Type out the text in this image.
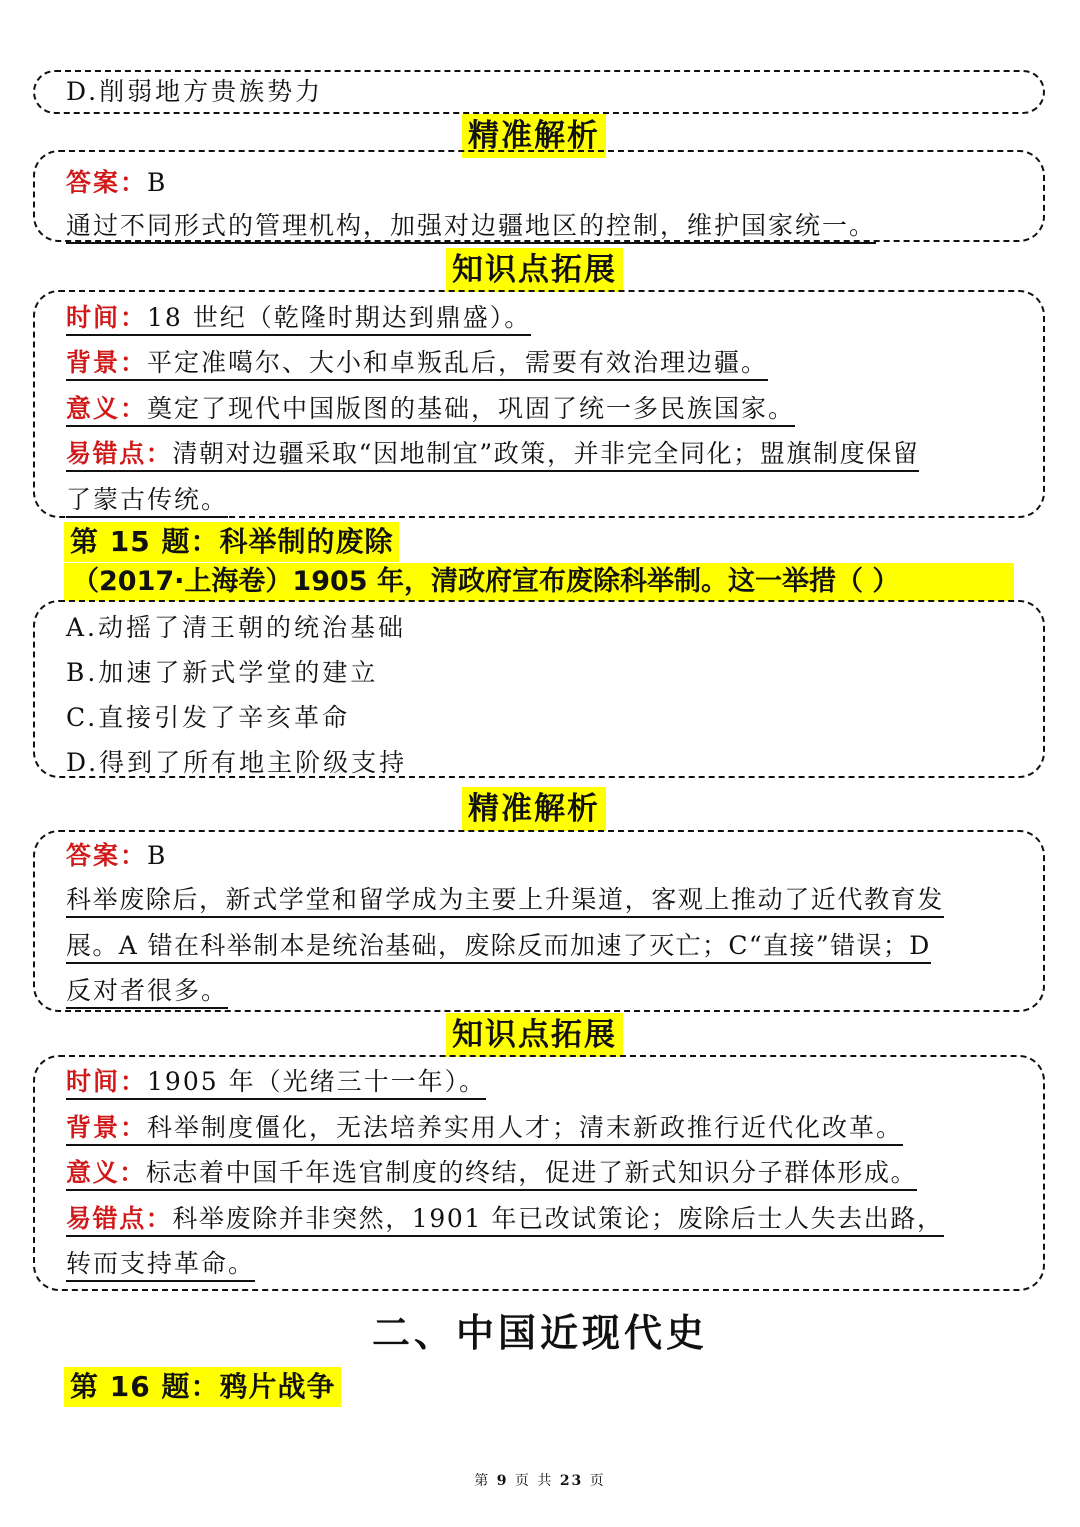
D.削弱地方贵族势力
精准解析
答案：B
通过不同形式的管理机构，加强对边疆地区的控制，维护国家统一。
知识点拓展
时间：18 世纪（乾隆时期达到鼎盛）。
背景：平定准噶尔、大小和卓叛乱后，需要有效治理边疆。
意义：奠定了现代中国版图的基础，巩固了统一多民族国家。
易错点：清朝对边疆采取“因地制宜”政策，并非完全同化；盟旗制度保留
了蒙古传统。
第 15 题：科举制的废除
（2017·上海卷）1905 年，清政府宣布废除科举制。这一举措（ ）
A.动摇了清王朝的统治基础
B.加速了新式学堂的建立
C.直接引发了辛亥革命
D.得到了所有地主阶级支持
精准解析
答案：B
科举废除后，新式学堂和留学成为主要上升渠道，客观上推动了近代教育发
展。A 错在科举制本是统治基础，废除反而加速了灭亡；C“直接”错误；D
反对者很多。
知识点拓展
时间：1905 年（光绪三十一年）。
背景：科举制度僵化，无法培养实用人才；清末新政推行近代化改革。
意义：标志着中国千年选官制度的终结，促进了新式知识分子群体形成。
易错点：科举废除并非突然，1901 年已改试策论；废除后士人失去出路，
转而支持革命。
二、中国近现代史
第 16 题：鸦片战争
第 9 页 共 23 页
